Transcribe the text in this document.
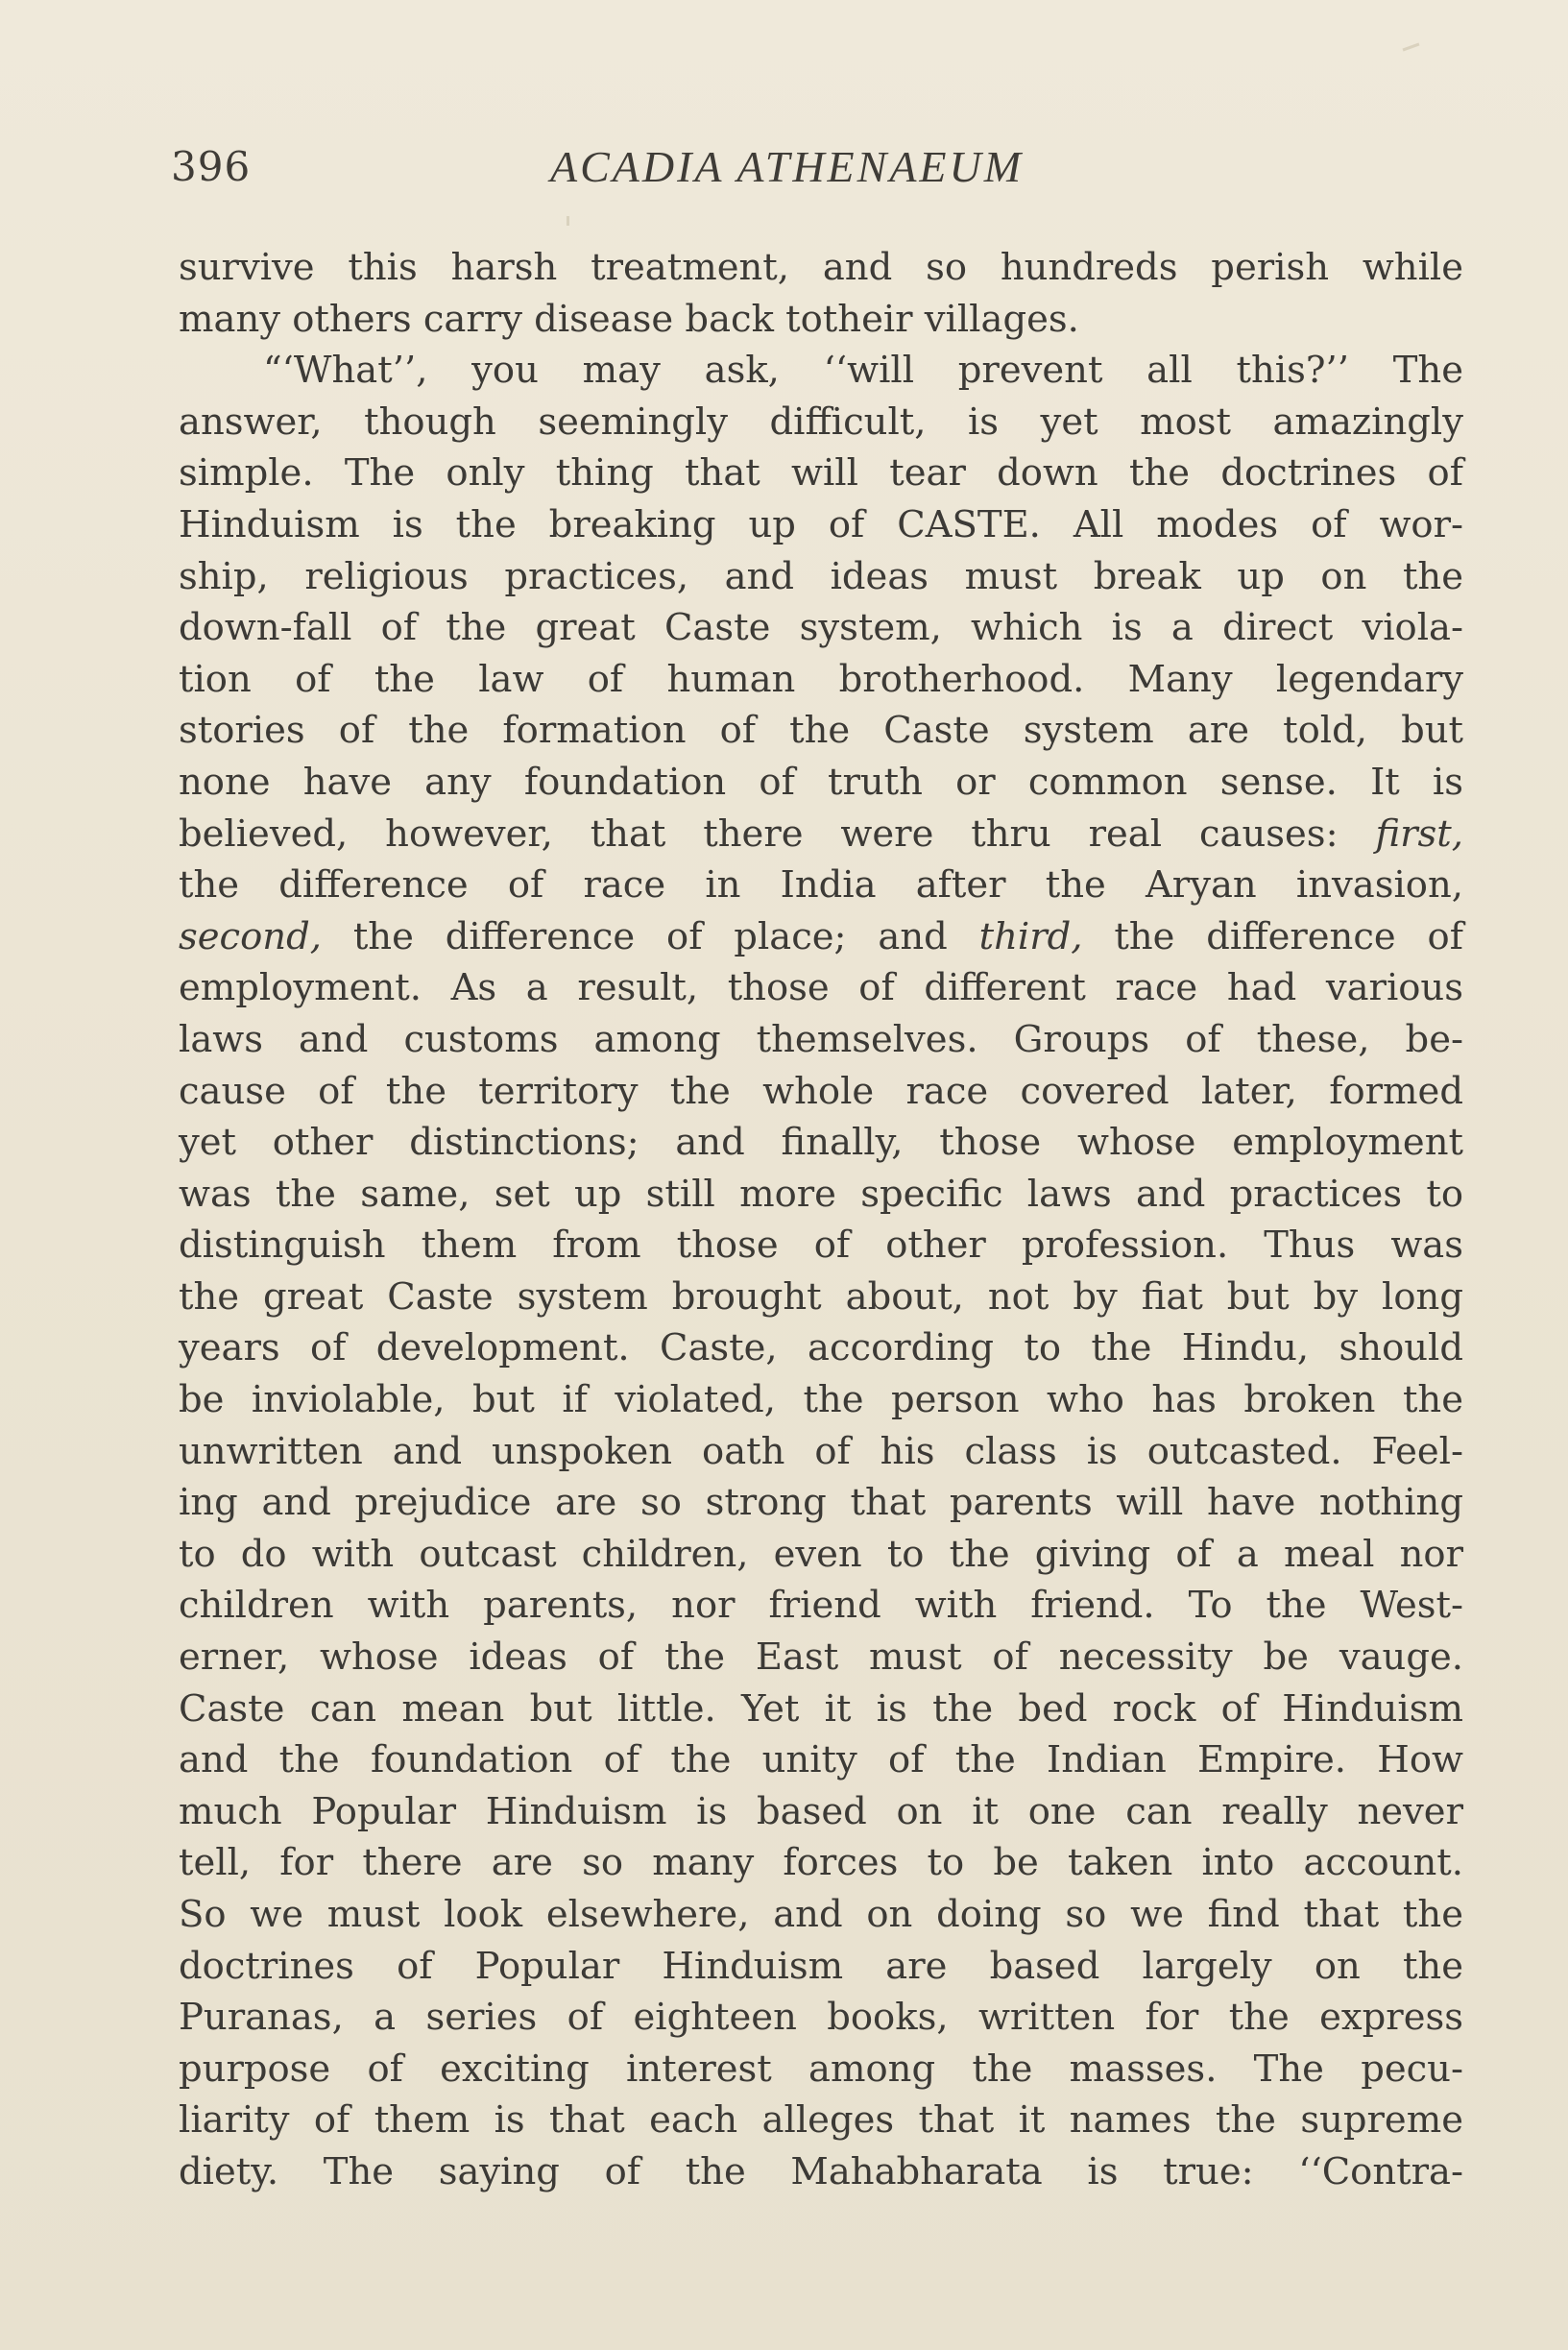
396	ACADIA ATHENAEUM
survive this harsh treatment, and so hundreds perish while
many others carry disease back totheir villages.
“‘What’’, you may ask, ‘‘will prevent all this?’’ The
answer, though seemingly difficult, is yet most amazingly
simple. The only thing that will tear down the doctrines of
Hinduism is the breaking up of CASTE. All modes of wor-
ship, religious practices, and ideas must break up on the
down-fall of the great Caste system, which is a direct viola-
tion of the law of human brotherhood. Many legendary
stories of the formation of the Caste system are told, but
none have any foundation of truth or common sense. It is
believed, however, that there were thru real causes: first,
the difference of race in India after the Aryan invasion,
second, the difference of place; and third, the difference of
employment. As a result, those of different race had various
laws and customs among themselves. Groups of these, be-
cause of the territory the whole race covered later, formed
yet other distinctions; and finally, those whose employment
was the same, set up still more specific laws and practices to
distinguish them from those of other profession. Thus was
the great Caste system brought about, not by fiat but by long
years of development. Caste, according to the Hindu, should
be inviolable, but if violated, the person who has broken the
unwritten and unspoken oath of his class is outcasted. Feel-
ing and prejudice are so strong that parents will have nothing
to do with outcast children, even to the giving of a meal nor
children with parents, nor friend with friend. To the West-
erner, whose ideas of the East must of necessity be vauge.
Caste can mean but little. Yet it is the bed rock of Hinduism
and the foundation of the unity of the Indian Empire. How
much Popular Hinduism is based on it one can really never
tell, for there are so many forces to be taken into account.
So we must look elsewhere, and on doing so we find that the
doctrines of Popular Hinduism are based largely on the
Puranas, a series of eighteen books, written for the express
purpose of exciting interest among the masses. The pecu-
liarity of them is that each alleges that it names the supreme
diety. The saying of the Mahabharata is true: ‘‘Contra-
